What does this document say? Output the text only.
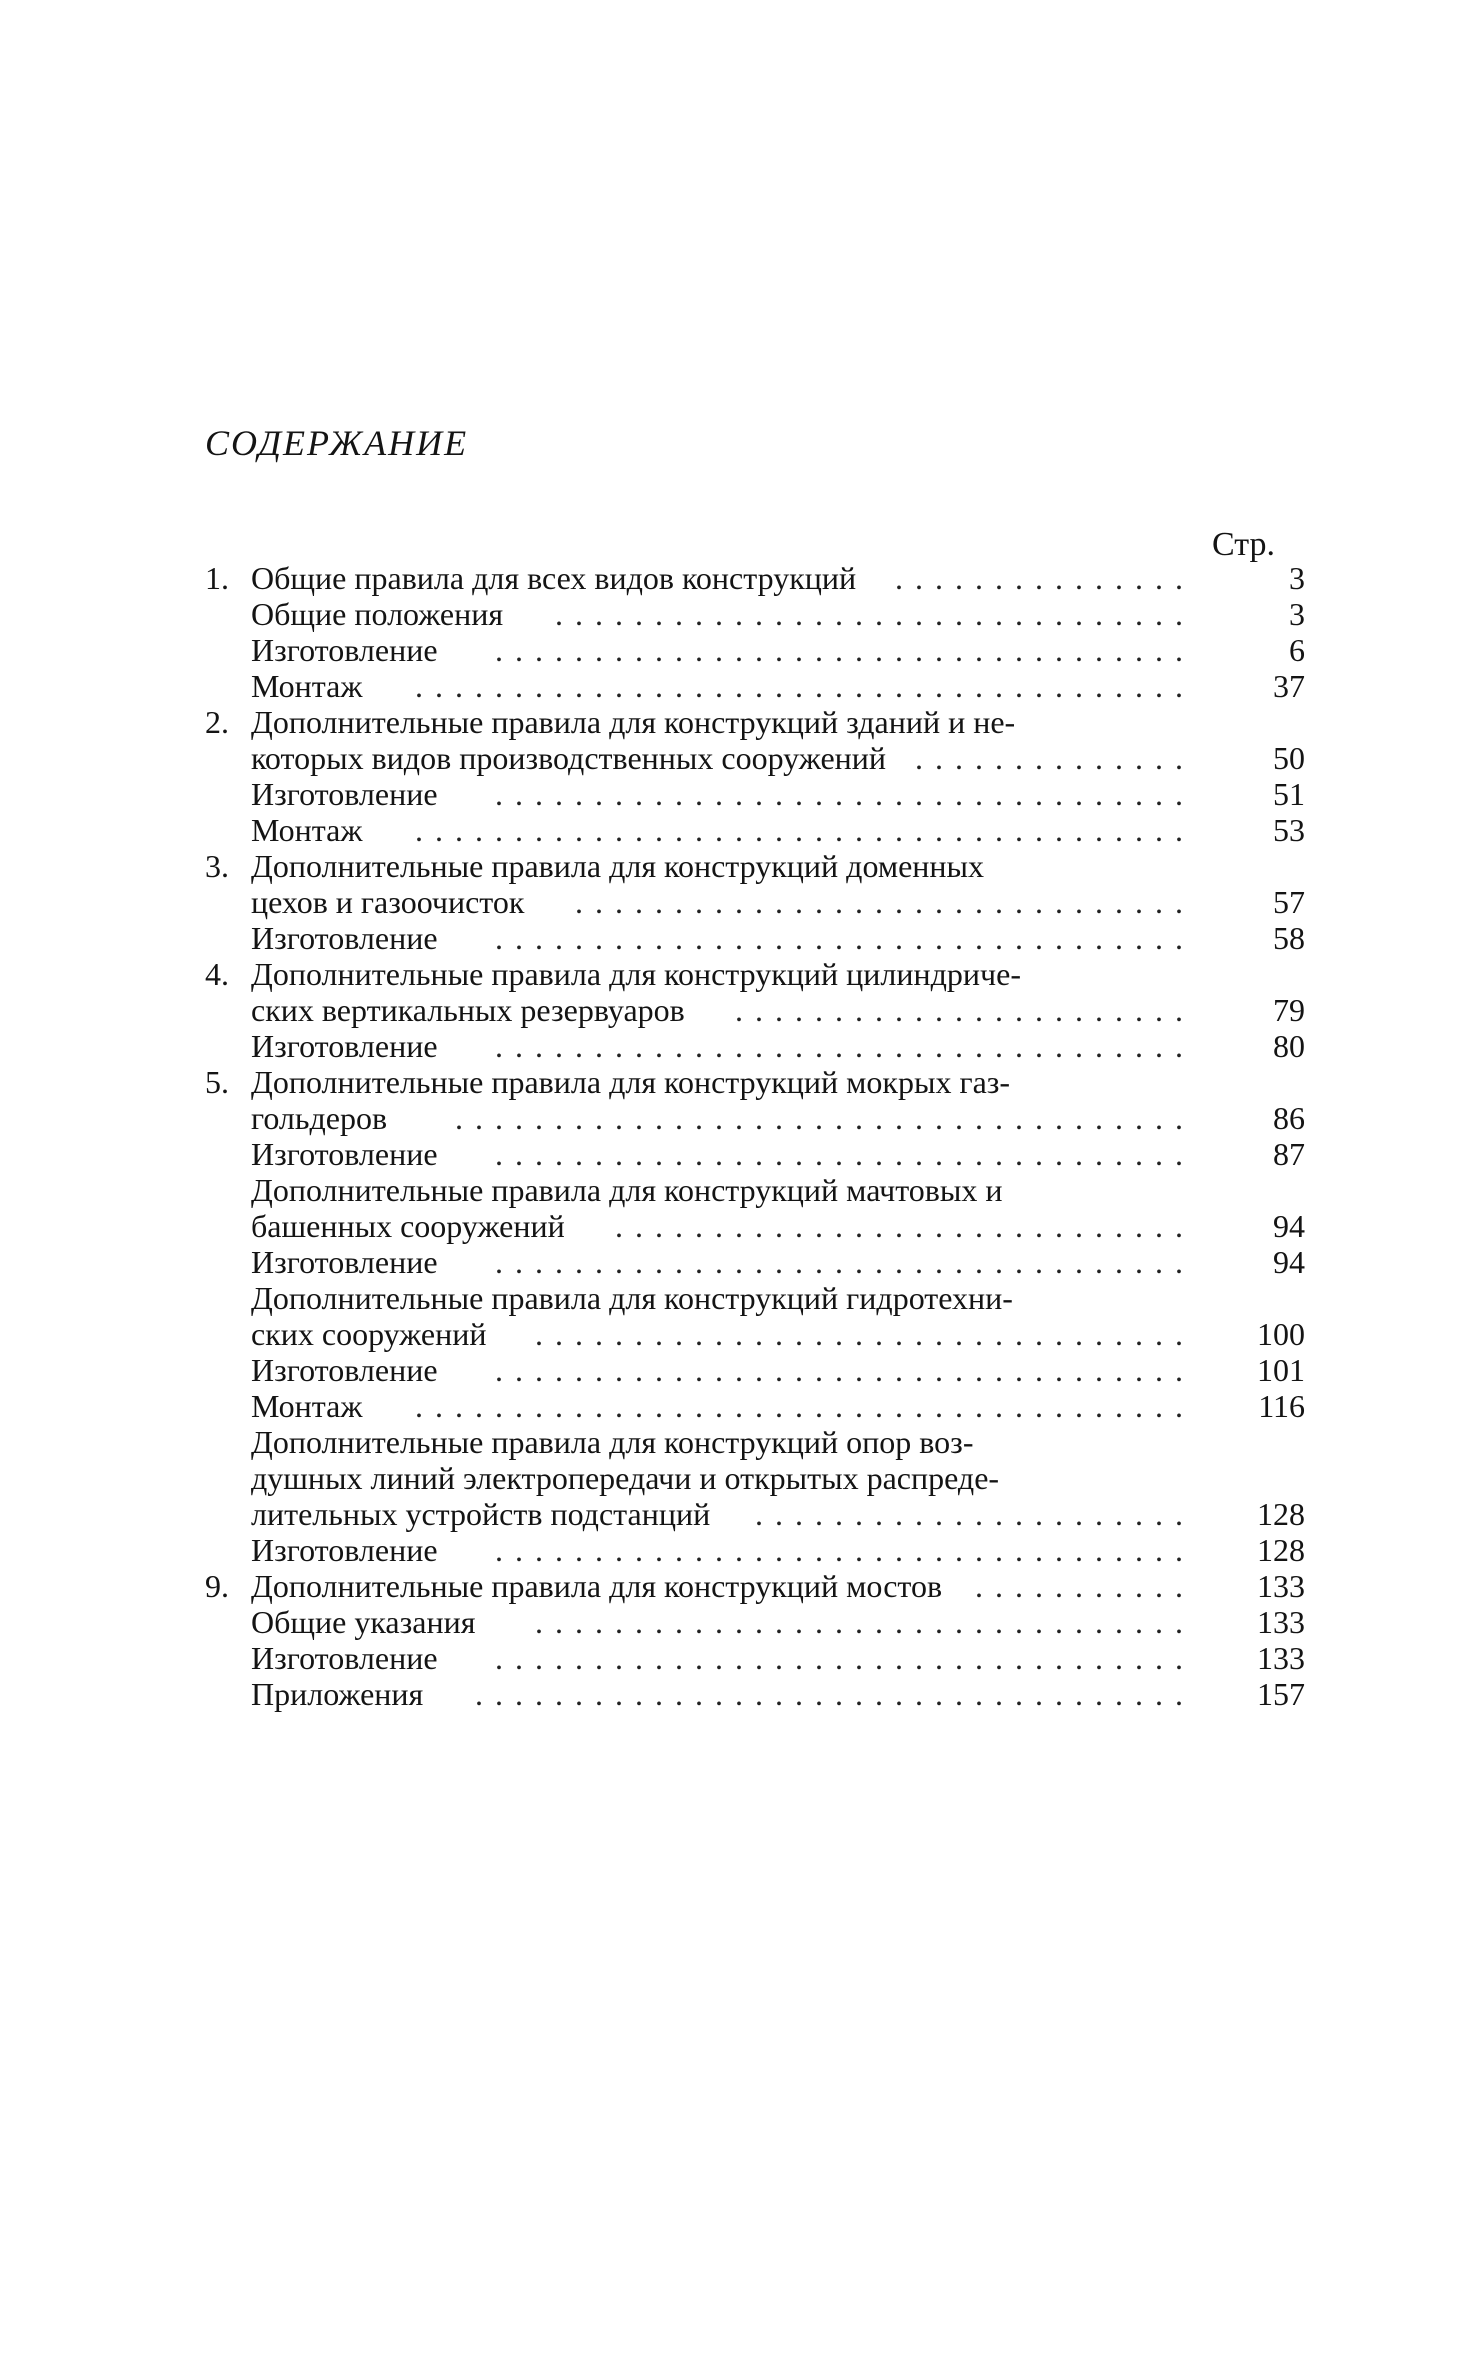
СОДЕРЖАНИЕ
Стр.
1. Общие правила для всех видов конструкций	...............	3
Общие положения	................................	3
Изготовление	...................................	6
Монтаж	.......................................	37
2. Дополнительные правила для конструкций зданий и не-
которых видов производственных сооружений ..............	50
Изготовление	...................................	51
Монтаж	.......................................	53
3. Дополнительные правила для конструкций доменных
цехов и газоочисток	...............................	57
Изготовление	...................................	58
4. Дополнительные правила для конструкций цилиндриче-
ских вертикальных резервуаров	.......................	79
Изготовление	...................................	80
5. Дополнительные правила для конструкций мокрых газ-
гольдеров	.....................................	86
Изготовление	...................................	87
Дополнительные правила для конструкций мачтовых и
башенных сооружений	.............................	94
Изготовление	...................................	94
Дополнительные правила для конструкций гидротехни-
ских сооружений	.................................	100
Изготовление	...................................	101
Монтаж	.......................................	116
Дополнительные правила для конструкций опор воз-
душных линий электропередачи и открытых распреде-
лительных устройств подстанций	......................	128
Изготовление	...................................	128
9. Дополнительные правила для конструкций мостов	...........	133
Общие указания	.................................	133
Изготовление	...................................	133
Приложения	....................................	157
